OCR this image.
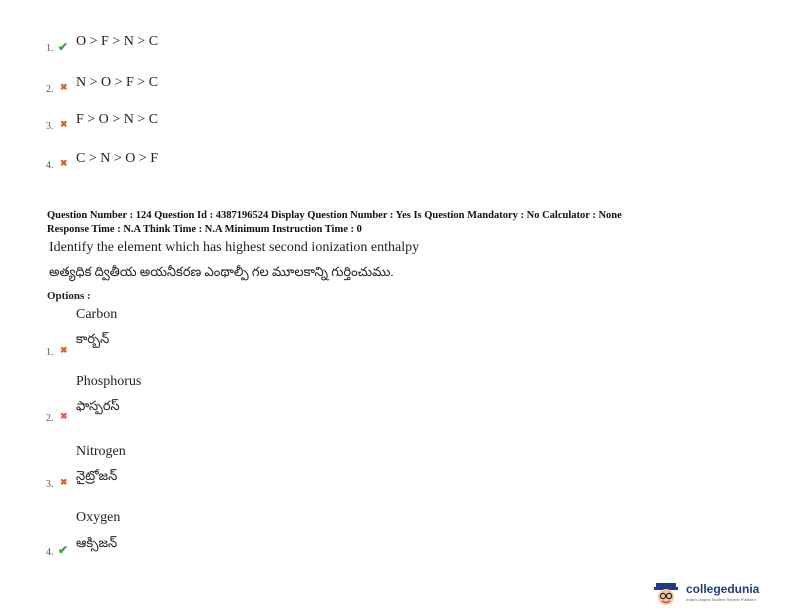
1. ✔ O > F > N > C
2. ✖ N > O > F > C
3. ✖ F > O > N > C
4. ✖ C > N > O > F
Question Number : 124 Question Id : 4387196524 Display Question Number : Yes Is Question Mandatory : No Calculator : None
Response Time : N.A Think Time : N.A Minimum Instruction Time : 0
Identify the element which has highest second ionization enthalpy
అత్యధిక ద్వితీయ అయనీకరణ ఎంథాల్పీ గల మూలకాన్ని గుర్తించుము.
Options :
Carbon
1. ✖
కార్బన్
Phosphorus
2. ✖
ఫాస్పరస్
Nitrogen
3. ✖ నైట్రోజన్
Oxygen
4. ✔ ఆక్సిజన్
collegedunia
India's largest Student Review Platform
